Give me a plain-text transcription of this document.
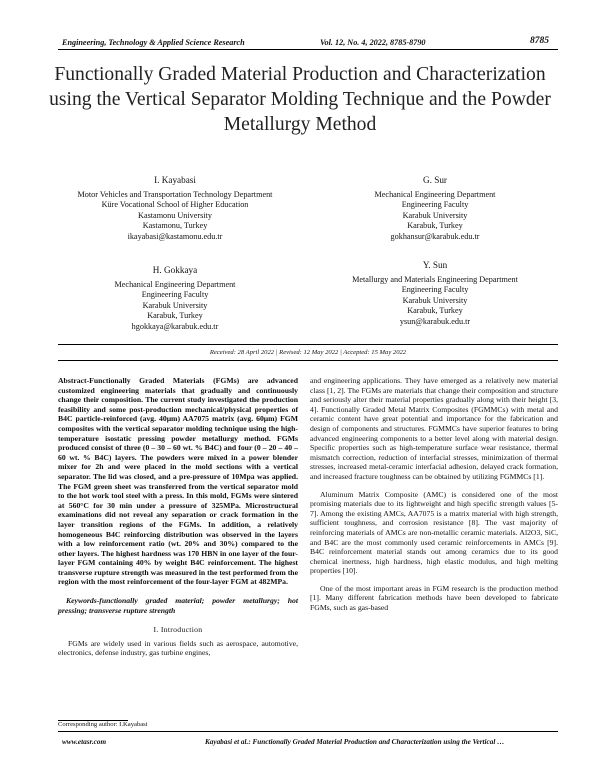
Engineering, Technology & Applied Science Research	Vol. 12, No. 4, 2022, 8785-8790	8785
Functionally Graded Material Production and Characterization using the Vertical Separator Molding Technique and the Powder Metallurgy Method
I. Kayabasi
Motor Vehicles and Transportation Technology Department
Küre Vocational School of Higher Education
Kastamonu University
Kastamonu, Turkey
ikayabasi@kastamonu.edu.tr
G. Sur
Mechanical Engineering Department
Engineering Faculty
Karabuk University
Karabuk, Turkey
gokhansur@karabuk.edu.tr
H. Gokkaya
Mechanical Engineering Department
Engineering Faculty
Karabuk University
Karabuk, Turkey
hgokkaya@karabuk.edu.tr
Y. Sun
Metallurgy and Materials Engineering Department
Engineering Faculty
Karabuk University
Karabuk, Turkey
ysun@karabuk.edu.tr
Received: 28 April 2022 | Revised: 12 May 2022 | Accepted: 15 May 2022

Abstract-Functionally Graded Materials (FGMs) are advanced customized engineering materials that gradually and continuously change their composition. The current study investigated the production feasibility and some post-production mechanical/physical properties of B4C particle-reinforced (avg. 40μm) AA7075 matrix (avg. 60μm) FGM composites with the vertical separator molding technique using the high-temperature isostatic pressing powder metallurgy method. FGMs produced consist of three (0 – 30 – 60 wt. % B4C) and four (0 – 20 – 40 – 60 wt. % B4C) layers. The powders were mixed in a power blender mixer for 2h and were placed in the mold sections with a vertical separator. The lid was closed, and a pre-pressure of 10Mpa was applied. The FGM green sheet was transferred from the vertical separator mold to the hot work tool steel with a press. In this mold, FGMs were sintered at 560°C for 30 min under a pressure of 325MPa. Microstructural examinations did not reveal any separation or crack formation in the layer transition regions of the FGMs. In addition, a relatively homogeneous B4C reinforcing distribution was observed in the layers with a low reinforcement ratio (wt. 20% and 30%) compared to the other layers. The highest hardness was 170 HBN in one layer of the four-layer FGM containing 40% by weight B4C reinforcement. The highest transverse rupture strength was measured in the test performed from the region with the most reinforcement of the four-layer FGM at 482MPa.

Keywords-functionally graded material; powder metallurgy; hot pressing; transverse rupture strength

I. Introduction

FGMs are widely used in various fields such as aerospace, automotive, electronics, defense industry, gas turbine engines,

and engineering applications. They have emerged as a relatively new material class [1, 2]. The FGMs are materials that change their composition and structure and seriously alter their material properties gradually along with their height [3, 4]. Functionally Graded Metal Matrix Composites (FGMMCs) with metal and ceramic content have great potential and importance for the fabrication and design of components and structures. FGMMCs have superior features to bring advanced engineering components to a better level along with material design. Specific properties such as high-temperature surface wear resistance, thermal mismatch correction, reduction of interfacial stresses, minimization of thermal stresses, increased metal-ceramic interfacial adhesion, delayed crack formation, and increased fracture toughness can be obtained by utilizing FGMMCs [1].

Aluminum Matrix Composite (AMC) is considered one of the most promising materials due to its lightweight and high specific strength values [5-7]. Among the existing AMCs, AA7075 is a matrix material with high strength, sufficient toughness, and corrosion resistance [8]. The vast majority of reinforcing materials of AMCs are non-metallic ceramic materials. Al2O3, SiC, and B4C are the most commonly used ceramic reinforcements in AMCs [9]. B4C reinforcement material stands out among ceramics due to its good chemical inertness, high hardness, high elastic modulus, and high melting properties [10].

One of the most important areas in FGM research is the production method [1]. Many different fabrication methods have been developed to fabricate FGMs, such as gas-based

Corresponding author: I.Kayabasi
www.etasr.com	Kayabasi et al.: Functionally Graded Material Production and Characterization using the Vertical …
